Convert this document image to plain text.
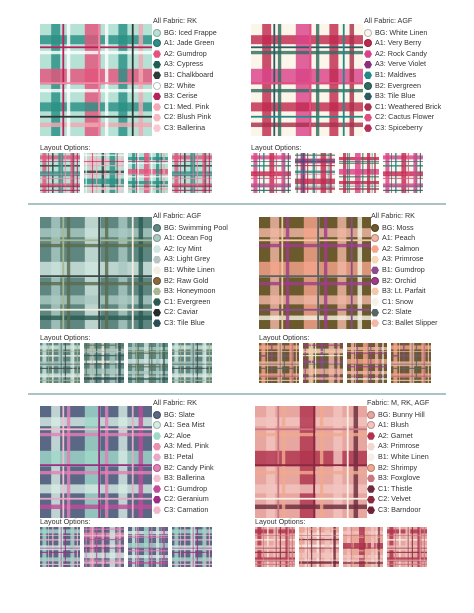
All Fabric: RK
BG: Iced Frappe
A1: Jade Green
A2: Gumdrop
A3: Cypress
B1: Chalkboard
B2: White
B3: Cerise
C1: Med. Pink
C2: Blush Pink
C3: Ballerina
Layout Options:
All Fabric: AGF
BG: White Linen
A1: Very Berry
A2: Rock Candy
A3: Verve Violet
B1: Maldives
B2: Evergreen
B3: Tile Blue
C1: Weathered Brick
C2: Cactus Flower
C3: Spiceberry
Layout Options:
All Fabric: AGF
BG: Swimming Pool
A1: Ocean Fog
A2: Icy Mint
A3: Light Grey
B1: White Linen
B2: Raw Gold
B3: Honeymoon
C1: Evergreen
C2: Caviar
C3: Tile Blue
Layout Options:
All Fabric: RK
BG: Moss
A1: Peach
A2: Salmon
A3: Primrose
B1: Gumdrop
B2: Orchid
B3: Lt. Parfait
C1: Snow
C2: Slate
C3: Ballet Slipper
Layout Options:
All Fabric: RK
BG: Slate
A1: Sea Mist
A2: Aloe
A3: Med. Pink
B1: Petal
B2: Candy Pink
B3: Ballerina
C1: Gumdrop
C2: Geranium
C3: Carnation
Layout Options:
Fabric: M, RK, AGF
BG: Bunny Hill
A1: Blush
A2: Garnet
A3: Primrose
B1: White Linen
B2: Shrimpy
B3: Foxglove
C1: Thistle
C2: Velvet
C3: Barndoor
Layout Options:
